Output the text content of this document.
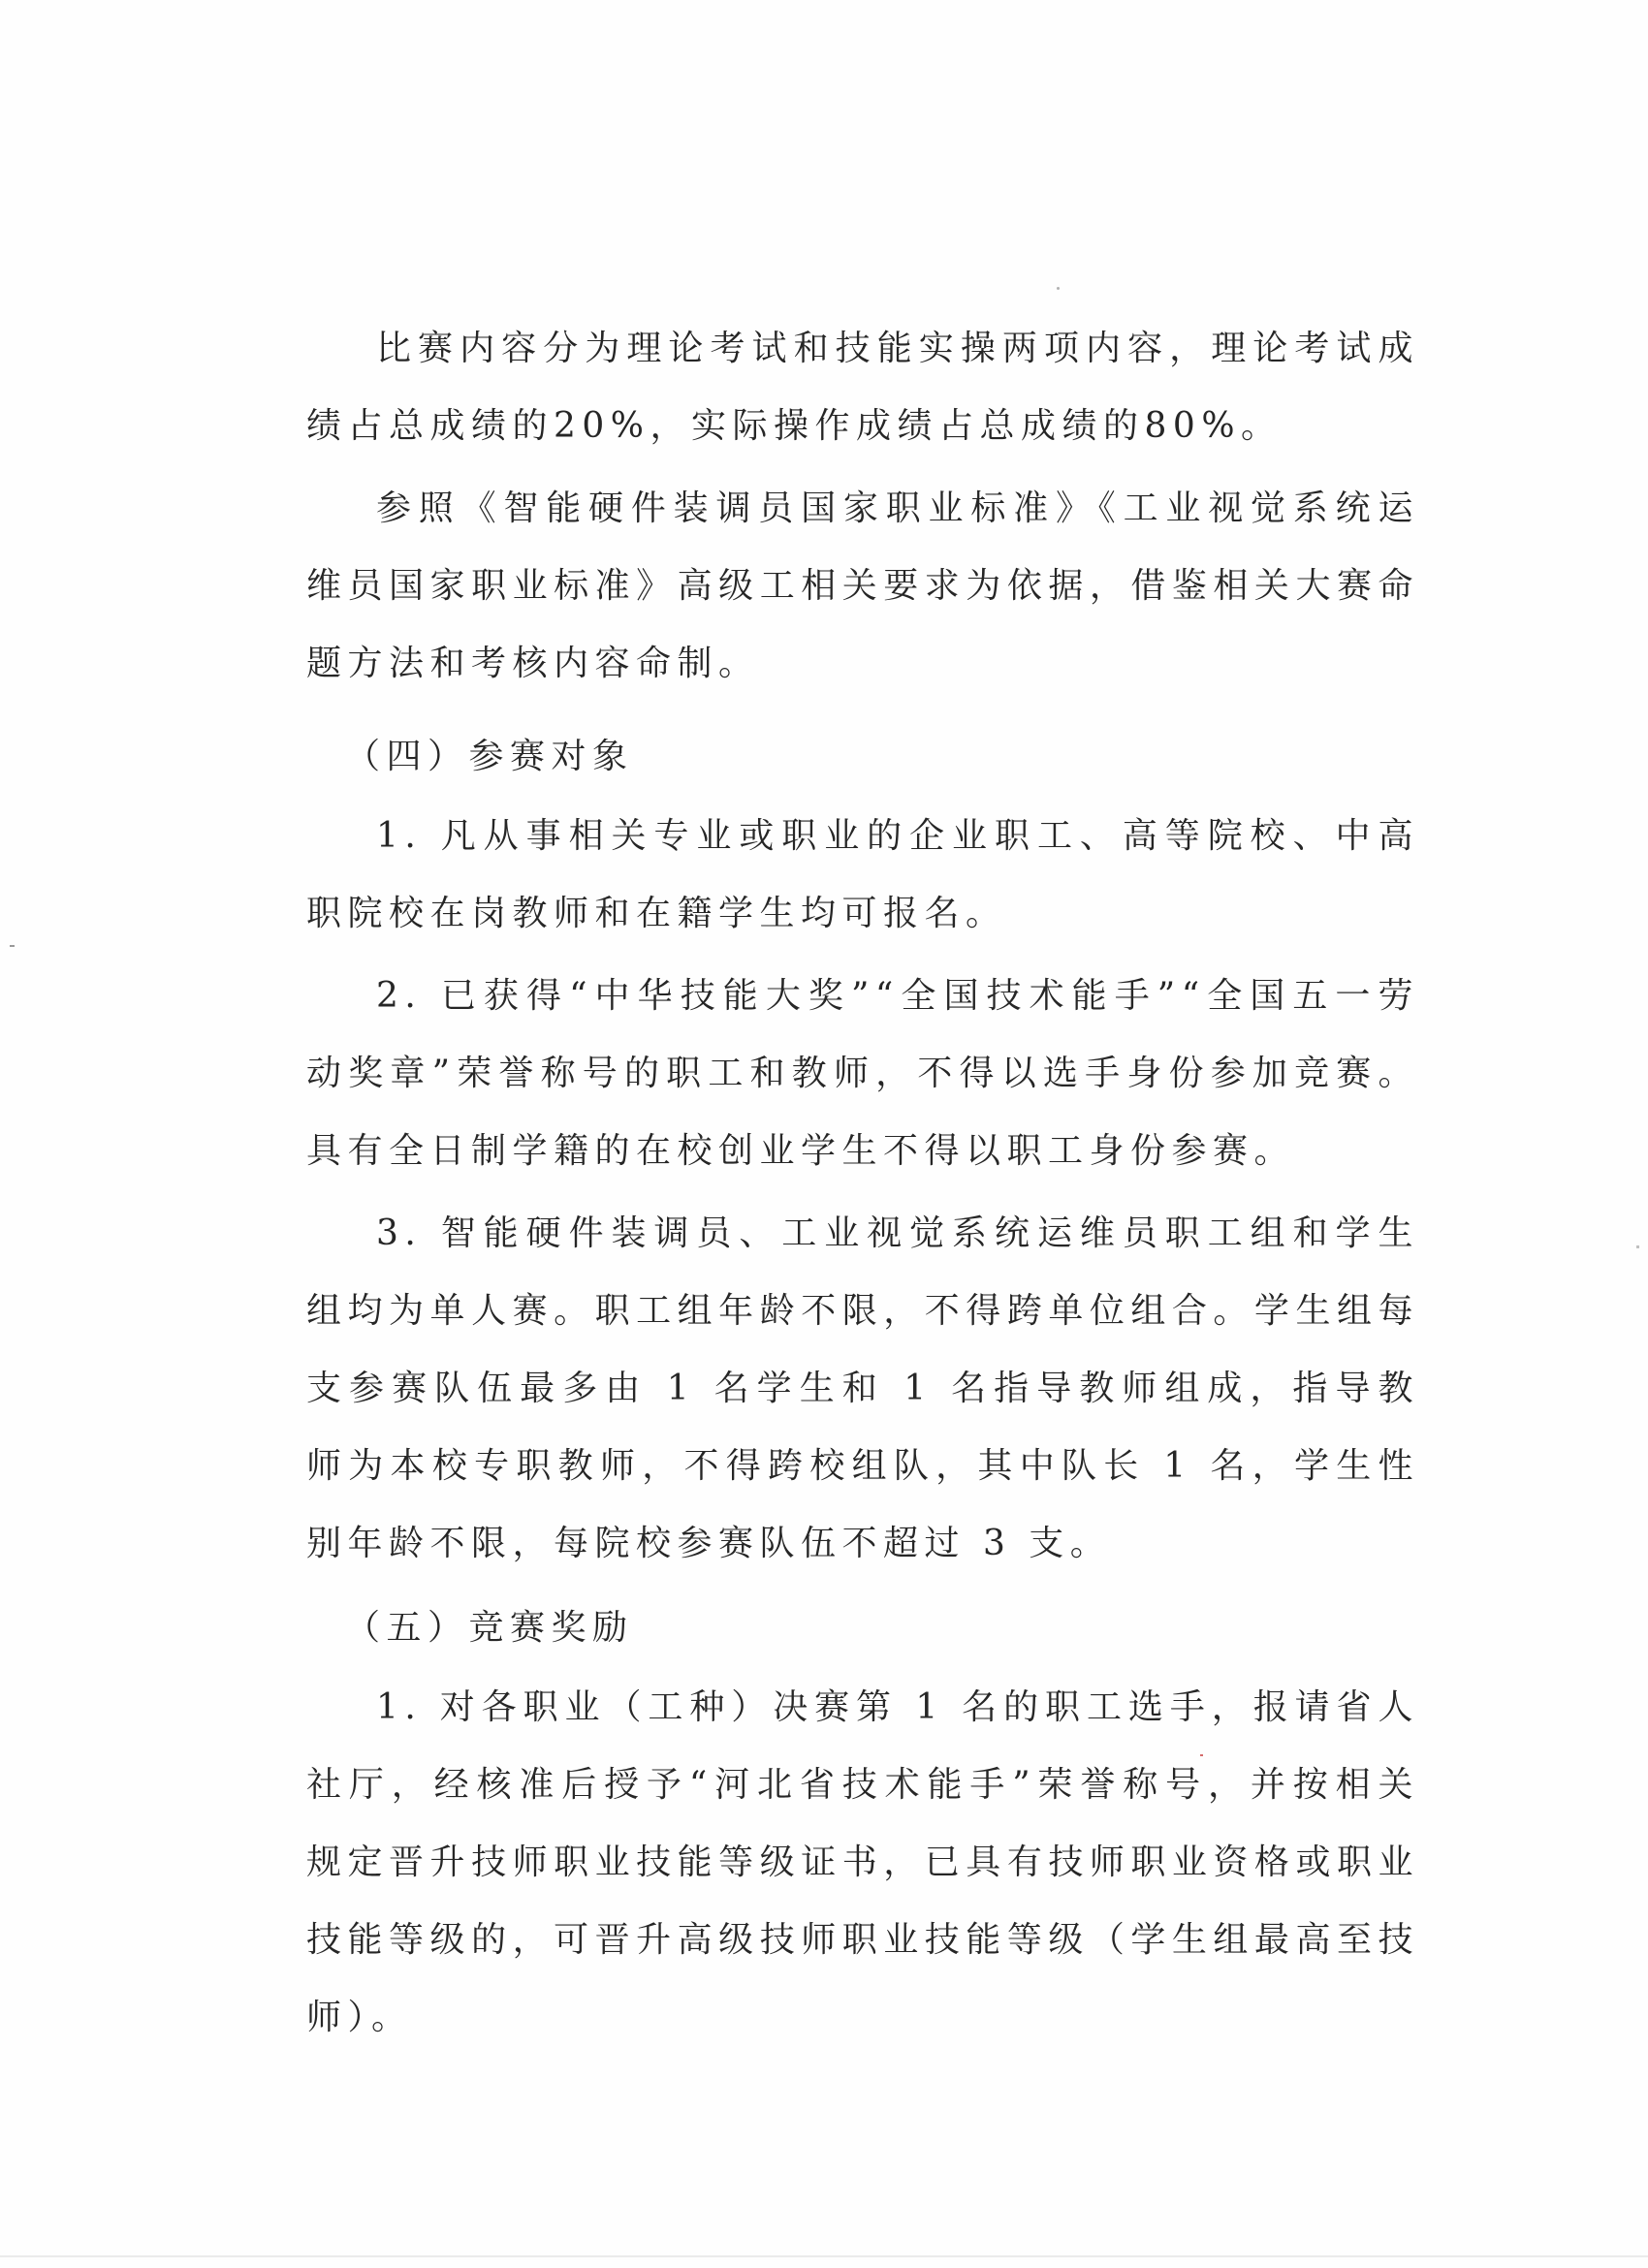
比赛内容分为理论考试和技能实操两项内容，理论考试成绩占总成绩的20%，实际操作成绩占总成绩的80%。

参照《智能硬件装调员国家职业标准》《工业视觉系统运维员国家职业标准》高级工相关要求为依据，借鉴相关大赛命题方法和考核内容命制。

（四）参赛对象

1. 凡从事相关专业或职业的企业职工、高等院校、中高职院校在岗教师和在籍学生均可报名。

2. 已获得“中华技能大奖”“全国技术能手”“全国五一劳动奖章”荣誉称号的职工和教师，不得以选手身份参加竞赛。具有全日制学籍的在校创业学生不得以职工身份参赛。

3. 智能硬件装调员、工业视觉系统运维员职工组和学生组均为单人赛。职工组年龄不限，不得跨单位组合。学生组每支参赛队伍最多由 1 名学生和 1 名指导教师组成，指导教师为本校专职教师，不得跨校组队，其中队长 1 名，学生性别年龄不限，每院校参赛队伍不超过 3 支。

（五）竞赛奖励

1. 对各职业（工种）决赛第 1 名的职工选手，报请省人社厅，经核准后授予“河北省技术能手”荣誉称号，并按相关规定晋升技师职业技能等级证书，已具有技师职业资格或职业技能等级的，可晋升高级技师职业技能等级（学生组最高至技师）。
